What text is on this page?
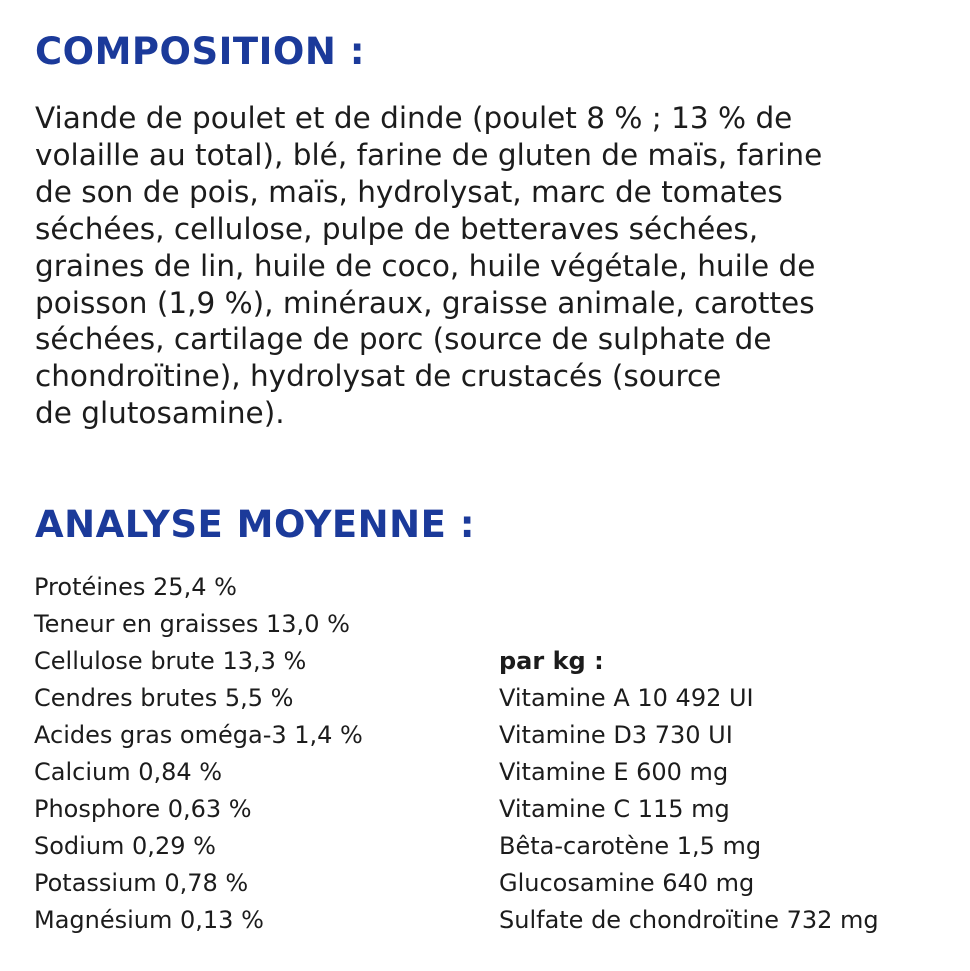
COMPOSITION :

Viande de poulet et de dinde (poulet 8 % ; 13 % de
volaille au total), blé, farine de gluten de maïs, farine
de son de pois, maïs, hydrolysat, marc de tomates
séchées, cellulose, pulpe de betteraves séchées,
graines de lin, huile de coco, huile végétale, huile de
poisson (1,9 %), minéraux, graisse animale, carottes
séchées, cartilage de porc (source de sulphate de
chondroïtine), hydrolysat de crustacés (source
de glutosamine).

ANALYSE MOYENNE :
Protéines 25,4 %
Teneur en graisses 13,0 %
Cellulose brute 13,3 %
Cendres brutes 5,5 %
Acides gras oméga-3 1,4 %
Calcium 0,84 %
Phosphore 0,63 %
Sodium 0,29 %
Potassium 0,78 %
Magnésium 0,13 %
par kg :
Vitamine A 10 492 UI
Vitamine D3 730 UI
Vitamine E 600 mg
Vitamine C 115 mg
Bêta-carotène 1,5 mg
Glucosamine 640 mg
Sulfate de chondroïtine 732 mg
